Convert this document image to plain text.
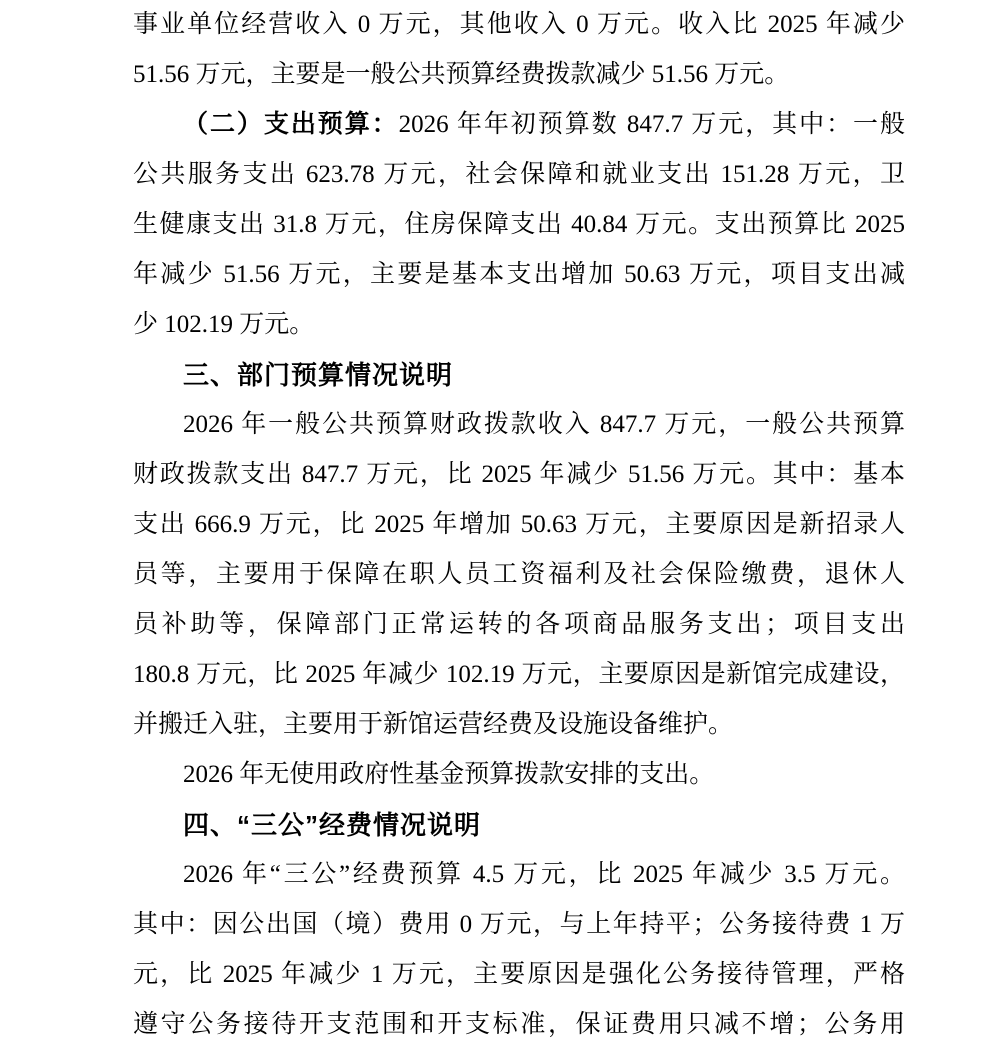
事业单位经营收入 0 万元，其他收入 0 万元。收入比 2025 年减少
51.56 万元，主要是一般公共预算经费拨款减少 51.56 万元。
（二）支出预算：2026 年年初预算数 847.7 万元，其中：一般
公共服务支出 623.78 万元，社会保障和就业支出 151.28 万元，卫
生健康支出 31.8 万元，住房保障支出 40.84 万元。支出预算比 2025
年减少 51.56 万元，主要是基本支出增加 50.63 万元，项目支出减
少 102.19 万元。
三、部门预算情况说明
2026 年一般公共预算财政拨款收入 847.7 万元，一般公共预算
财政拨款支出 847.7 万元，比 2025 年减少 51.56 万元。其中：基本
支出 666.9 万元，比 2025 年增加 50.63 万元，主要原因是新招录人
员等，主要用于保障在职人员工资福利及社会保险缴费，退休人
员补助等，保障部门正常运转的各项商品服务支出；项目支出
180.8 万元，比 2025 年减少 102.19 万元，主要原因是新馆完成建设，
并搬迁入驻，主要用于新馆运营经费及设施设备维护。
2026 年无使用政府性基金预算拨款安排的支出。
四、“三公”经费情况说明
2026 年“三公”经费预算 4.5 万元，比 2025 年减少 3.5 万元。
其中：因公出国（境）费用 0 万元，与上年持平；公务接待费 1 万
元，比 2025 年减少 1 万元，主要原因是强化公务接待管理，严格
遵守公务接待开支范围和开支标准，保证费用只减不增；公务用
